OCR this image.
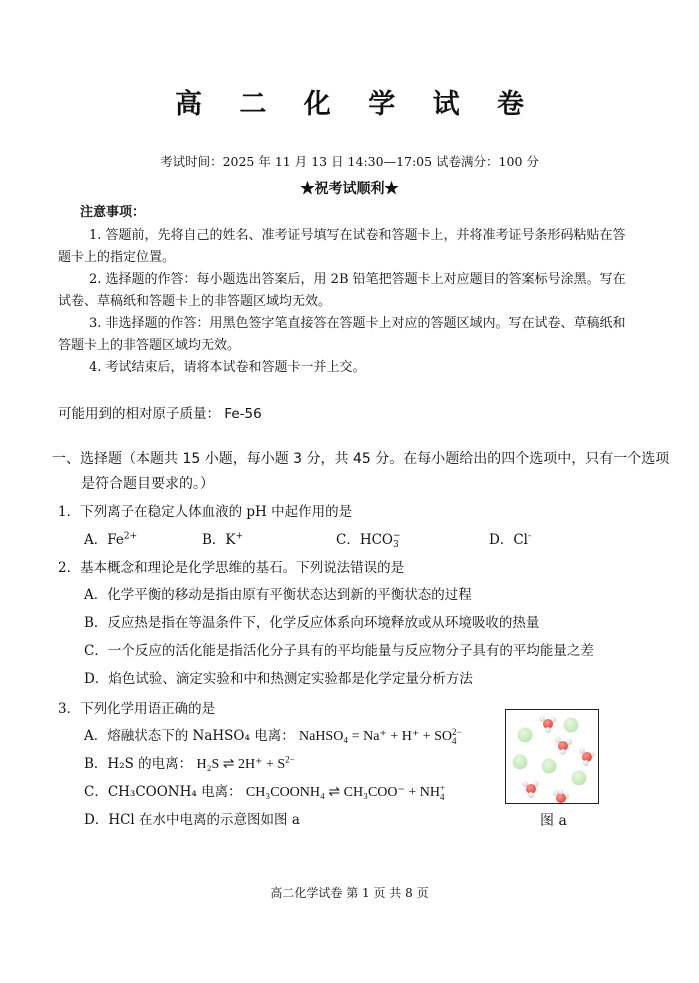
高 二 化 学 试 卷
考试时间：2025 年 11 月 13 日 14:30—17:05 试卷满分：100 分
★祝考试顺利★
注意事项：
1. 答题前，先将自己的姓名、准考证号填写在试卷和答题卡上，并将准考证号条形码粘贴在答
题卡上的指定位置。
2. 选择题的作答：每小题选出答案后，用 2B 铅笔把答题卡上对应题目的答案标号涂黑。写在
试卷、草稿纸和答题卡上的非答题区域均无效。
3. 非选择题的作答：用黑色签字笔直接答在答题卡上对应的答题区域内。写在试卷、草稿纸和
答题卡上的非答题区域均无效。
4. 考试结束后，请将本试卷和答题卡一并上交。
可能用到的相对原子质量： Fe-56
一、选择题（本题共 15 小题，每小题 3 分，共 45 分。在每小题给出的四个选项中，只有一个选项
是符合题目要求的。）
1．下列离子在稳定人体血液的 pH 中起作用的是
A．$Fe^{2+}$	B．K+	C．HCO−
3	D．Cl-
2．基本概念和理论是化学思维的基石。下列说法错误的是
A．化学平衡的移动是指由原有平衡状态达到新的平衡状态的过程
B．反应热是指在等温条件下，化学反应体系向环境释放或从环境吸收的热量
C．一个反应的活化能是指活化分子具有的平均能量与反应物分子具有的平均能量之差
D．焰色试验、滴定实验和中和热测定实验都是化学定量分析方法
3．下列化学用语正确的是
A．熔融状态下的 NaHSO₄ 电离： NaHSO₄ = Na⁺ + H⁺ + SO2−
4
B．H₂S 的电离： H₂S ⇌ $2H^+ + S^{2-}$
C．CH₃COONH₄ 电离： CH₃COONH₄ ⇌ CH₃COO⁻ + NH+
4
D．HCl 在水中电离的示意图如图 a	图 a
高二化学试卷 第 1 页 共 8 页
